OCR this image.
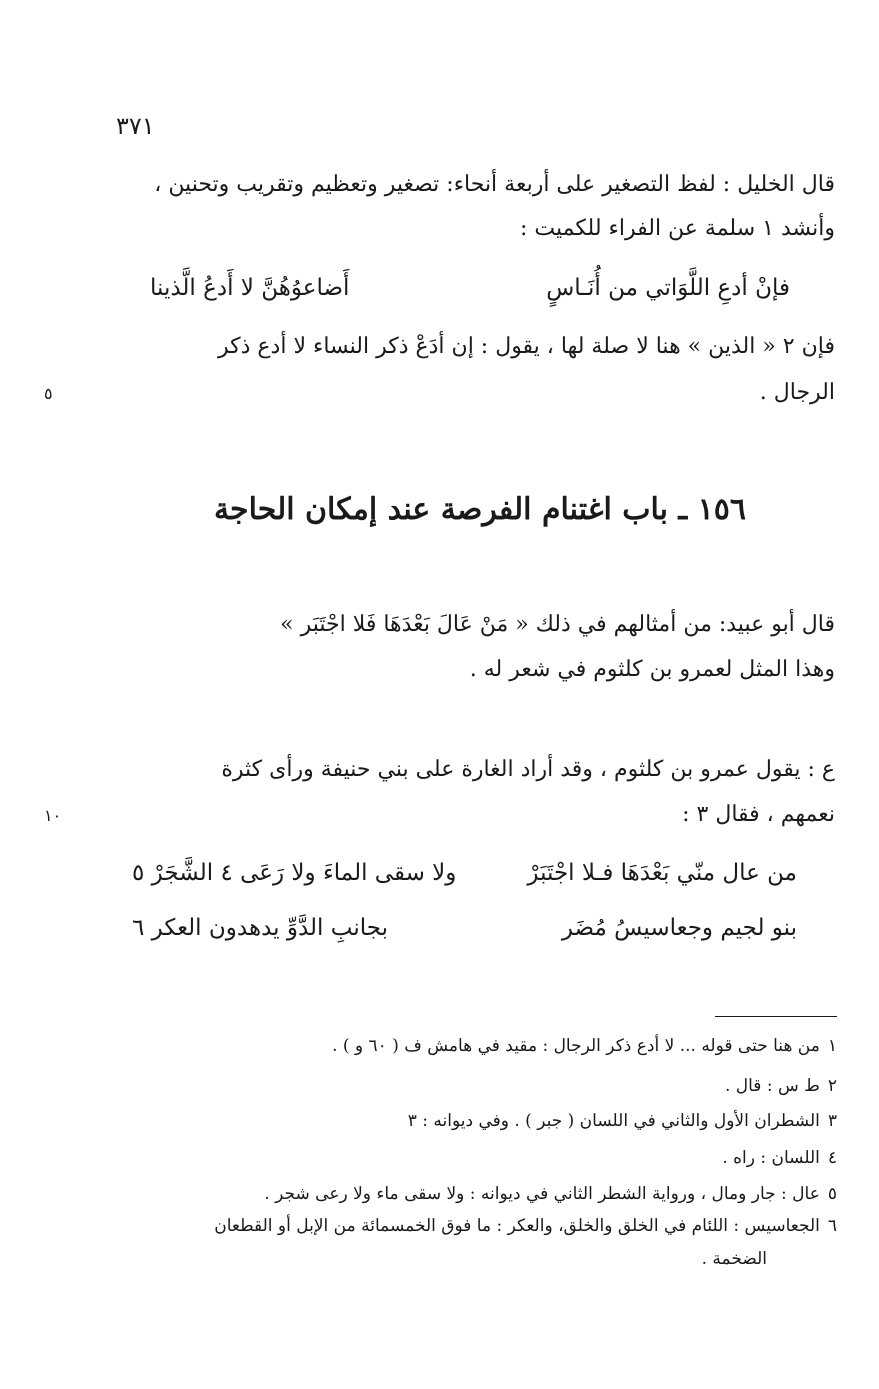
٣٧١
قال الخليل : لفظ التصغير على أربعة أنحاء: تصغير وتعظيم وتقريب وتحنين ،
وأنشد ١ سلمة عن الفراء للكميت :
فإنْ أدعِ اللَّوَاتي من أُنَـاسٍ
أَضاعوُهُنَّ لا أَدعُ الَّذينا
فإن ٢ « الذين » هنا لا صلة لها ، يقول : إن أدَعْ ذكر النساء لا أدع ذكر
الرجال .
٥
١٥٦ ـ باب اغتنام الفرصة عند إمكان الحاجة
قال أبو عبيد: من أمثالهم في ذلك « مَنْ عَالَ بَعْدَهَا فَلا اجْتَبَر »
وهذا المثل لعمرو بن كلثوم في شعر له .
ع : يقول عمرو بن كلثوم ، وقد أراد الغارة على بني حنيفة ورأى كثرة
نعمهم ، فقال ٣ :
١٠
من عال منّي بَعْدَهَا فـلا اجْتَبَرْ
ولا سقى الماءَ ولا رَعَى ٤ الشَّجَرْ ٥
بنو لجيم وجعاسيسُ مُضَر
بجانبِ الدَّوِّ يدهدون العكر ٦
١من هنا حتى قوله ... لا أدع ذكر الرجال : مقيد في هامش ف ( ٦٠ و ) .
٢ط س : قال .
٣الشطران الأول والثاني في اللسان ( جبر ) . وفي ديوانه : ٣
٤اللسان : راه .
٥عال : جار ومال ، ورواية الشطر الثاني في ديوانه : ولا سقى ماء ولا رعى شجر .
٦الجعاسيس : اللئام في الخلق والخلق، والعكر : ما فوق الخمسمائة من الإبل أو القطعان
الضخمة .
